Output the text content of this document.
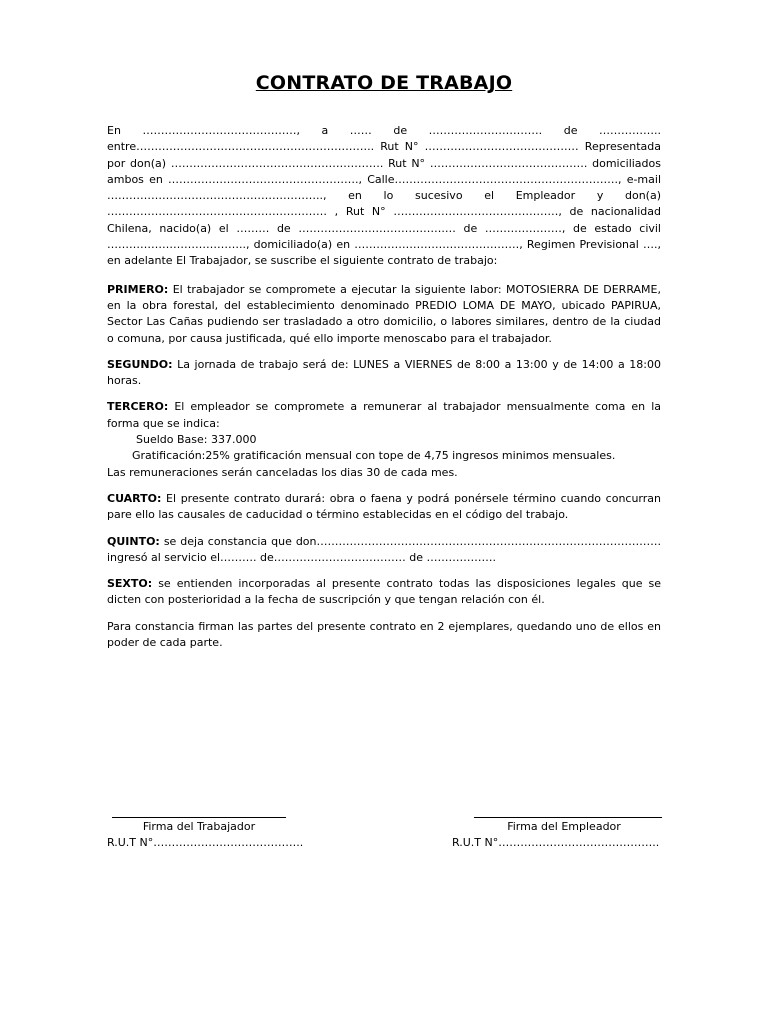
CONTRATO DE TRABAJO

En ……………………………………, a …… de …………………………. de …………….. entre……………………………………………………….. Rut N° …………………………………… Representada por don(a) …………………………………………………. Rut N° ……………………………………. domiciliados ambos en ……………………………………………., Calle……………………………………………………., e-mail ………………………………………………….., en lo sucesivo el Empleador y don(a) …………………………………………………… , Rut N° ………………………………………, de nacionalidad Chilena, nacido(a) el ……… de ………………………………….… de …………………, de estado civil ……………………………….., domiciliado(a) en ………………………………………, Regimen Previsional …., en adelante El Trabajador, se suscribe el siguiente contrato de trabajo:

PRIMERO: El trabajador se compromete a ejecutar la siguiente labor: MOTOSIERRA DE DERRAME, en la obra forestal, del establecimiento denominado PREDIO LOMA DE MAYO, ubicado PAPIRUA, Sector Las Cañas pudiendo ser trasladado a otro domicilio, o labores similares, dentro de la ciudad o comuna, por causa justificada, qué ello importe menoscabo para el trabajador.

SEGUNDO: La jornada de trabajo será de: LUNES a VIERNES de 8:00 a 13:00 y de 14:00 a 18:00 horas.

TERCERO: El empleador se compromete a remunerar al trabajador mensualmente coma en la forma que se indica:
Sueldo Base: 337.000
Gratificación:25% gratificación mensual con tope de 4,75 ingresos minimos mensuales.
Las remuneraciones serán canceladas los dias 30 de cada mes.

CUARTO: El presente contrato durará: obra o faena y podrá ponérsele término cuando concurran pare ello las causales de caducidad o término establecidas en el código del trabajo.

QUINTO: se deja constancia que don…………………………………………………………………………………. ingresó al servicio el………. de……………………………… de ……………….

SEXTO: se entienden incorporadas al presente contrato todas las disposiciones legales que se dicten con posterioridad a la fecha de suscripción y que tengan relación con él.

Para constancia firman las partes del presente contrato en 2 ejemplares, quedando uno de ellos en poder de cada parte.

Firma del Trabajador
R.U.T N°…………………………………..
Firma del Empleador
R.U.T N°……………………………………..
